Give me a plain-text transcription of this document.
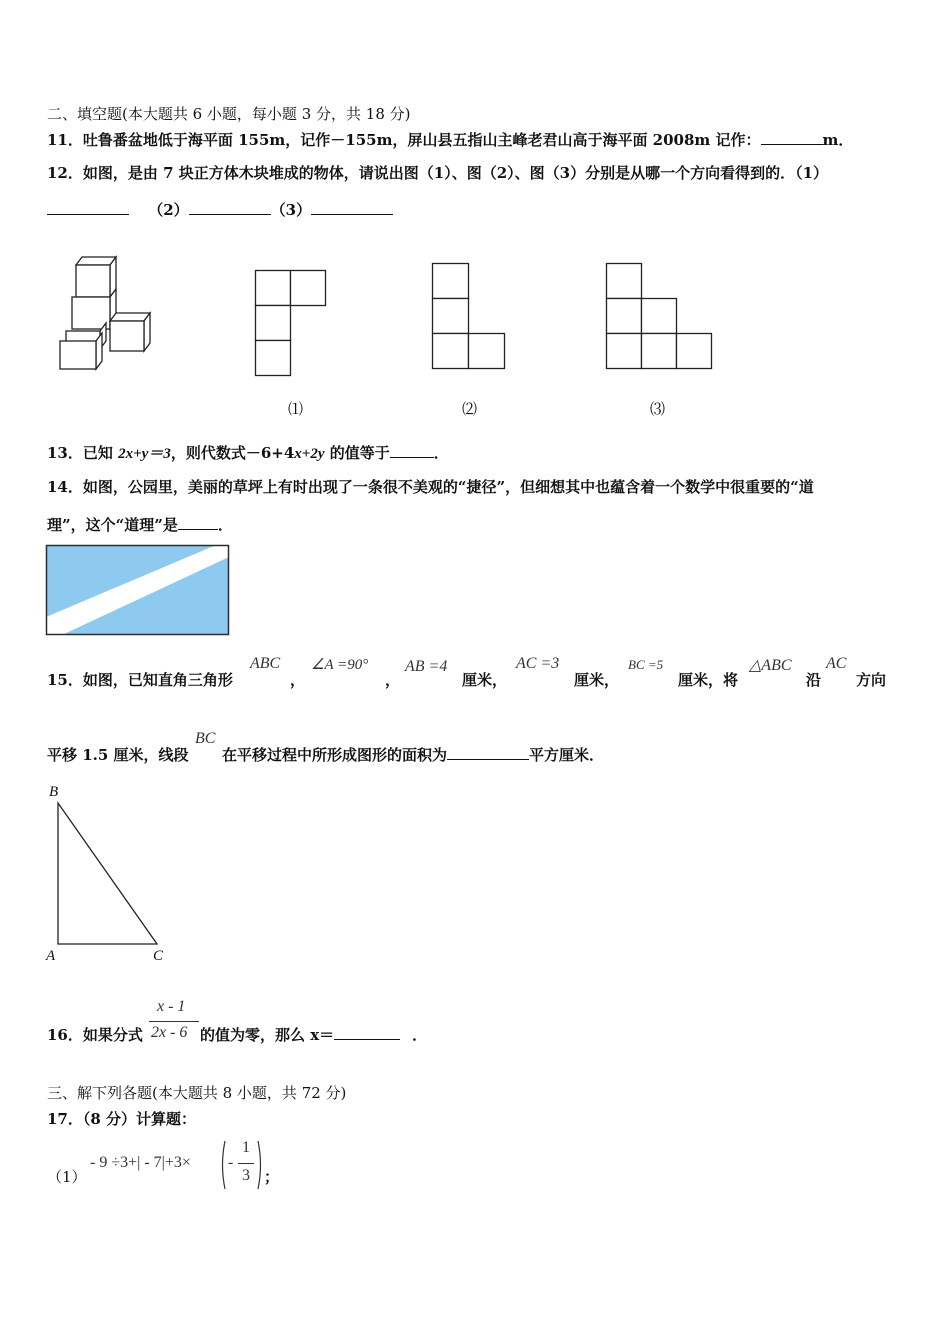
二、填空题(本大题共 6 小题，每小题 3 分，共 18 分)
11．吐鲁番盆地低于海平面 155m，记作－155m，屏山县五指山主峰老君山高于海平面 2008m 记作：	m．
12．如图，是由 7 块正方体木块堆成的物体，请说出图（1）、图（2）、图（3）分别是从哪一个方向看得到的．（1）
（2）	（3）
⑴	⑵	⑶
13．已知 2x+y＝3，则代数式－6+4x+2y 的值等于	．
14．如图，公园里，美丽的草坪上有时出现了一条很不美观的“捷径”，但细想其中也蕴含着一个数学中很重要的“道
理”，这个“道理”是	．
15．如图，已知直角三角形
ABC
，
∠A =90°
，
AB =4
厘米，
AC =3
厘米，
BC =5
厘米，将
△ABC
沿
AC
方向
平移 1.5 厘米，线段
BC
在平移过程中所形成图形的面积为	平方厘米．
B
A	C
16．如果分式
x - 1
2x - 6 的值为零，那么 x＝	．
三、解下列各题(本大题共 8 小题，共 72 分)
17．（8 分）计算题：
（1）
- 9 ÷3+| - 7|+3× -
1
3 ；
